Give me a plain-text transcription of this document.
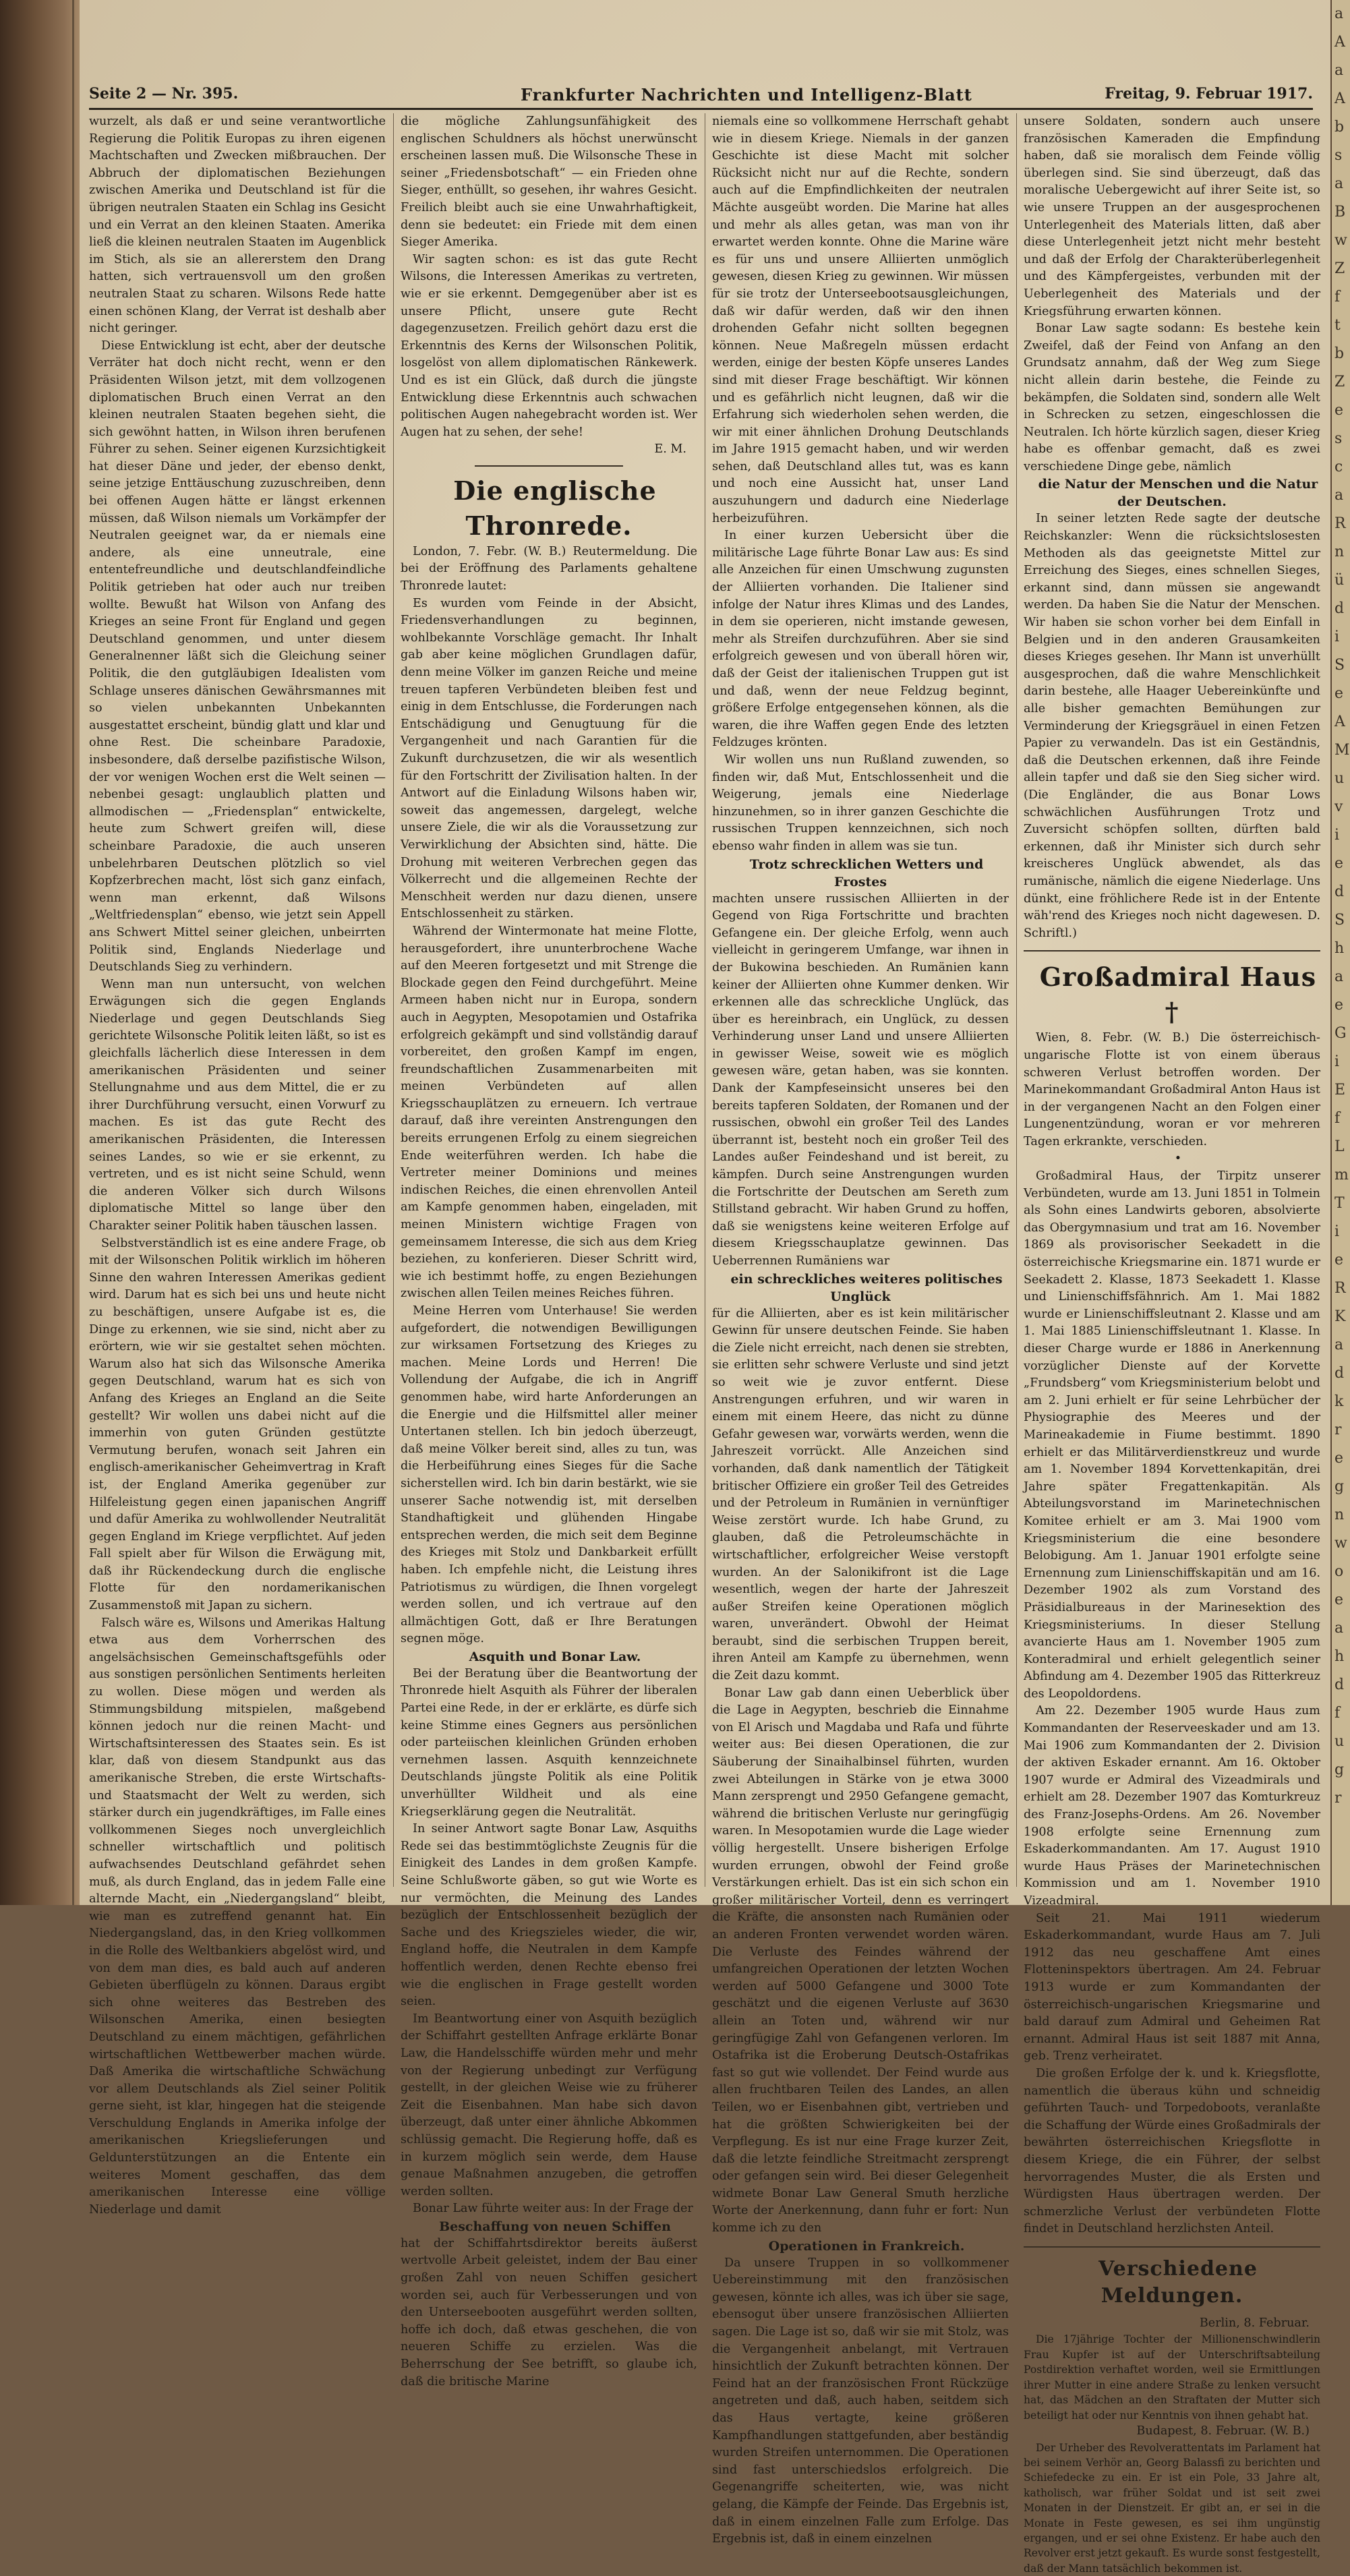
Seite 2 — Nr. 395.	Frankfurter Nachrichten und Intelligenz-Blatt	Freitag, 9. Februar 1917.

wurzelt, als daß er und seine verantwortliche Regierung die Politik Europas zu ihren eigenen Machtschaften und Zwecken mißbrauchen. Der Abbruch der diplomatischen Beziehungen zwischen Amerika und Deutschland ist für die übrigen neutralen Staaten ein Schlag ins Gesicht und ein Verrat an den kleinen Staaten. Amerika ließ die kleinen neutralen Staaten im Augenblick im Stich, als sie an allererstem den Drang hatten, sich vertrauensvoll um den großen neutralen Staat zu scharen. Wilsons Rede hatte einen schönen Klang, der Verrat ist deshalb aber nicht geringer.

Diese Entwicklung ist echt, aber der deutsche Verräter hat doch nicht recht, wenn er den Präsidenten Wilson jetzt, mit dem vollzogenen diplomatischen Bruch einen Verrat an den kleinen neutralen Staaten begehen sieht, die sich gewöhnt hatten, in Wilson ihren berufenen Führer zu sehen. Seiner eigenen Kurzsichtigkeit hat dieser Däne und jeder, der ebenso denkt, seine jetzige Enttäuschung zuzuschreiben, denn bei offenen Augen hätte er längst erkennen müssen, daß Wilson niemals um Vorkämpfer der Neutralen geeignet war, da er niemals eine andere, als eine unneutrale, eine ententefreundliche und deutschlandfeindliche Politik getrieben hat oder auch nur treiben wollte. Bewußt hat Wilson von Anfang des Krieges an seine Front für England und gegen Deutschland genommen, und unter diesem Generalnenner läßt sich die Gleichung seiner Politik, die den gutgläubigen Idealisten vom Schlage unseres dänischen Gewährsmannes mit so vielen unbekannten Unbekannten ausgestattet erscheint, bündig glatt und klar und ohne Rest. Die scheinbare Paradoxie, insbesondere, daß derselbe pazifistische Wilson, der vor wenigen Wochen erst die Welt seinen — nebenbei gesagt: unglaublich platten und allmodischen — „Friedensplan“ entwickelte, heute zum Schwert greifen will, diese scheinbare Paradoxie, die auch unseren unbelehrbaren Deutschen plötzlich so viel Kopfzerbrechen macht, löst sich ganz einfach, wenn man erkennt, daß Wilsons „Weltfriedensplan“ ebenso, wie jetzt sein Appell ans Schwert Mittel seiner gleichen, unbeirrten Politik sind, Englands Niederlage und Deutschlands Sieg zu verhindern.

Wenn man nun untersucht, von welchen Erwägungen sich die gegen Englands Niederlage und gegen Deutschlands Sieg gerichtete Wilsonsche Politik leiten läßt, so ist es gleichfalls lächerlich diese Interessen in dem amerikanischen Präsidenten und seiner Stellungnahme und aus dem Mittel, die er zu ihrer Durchführung versucht, einen Vorwurf zu machen. Es ist das gute Recht des amerikanischen Präsidenten, die Interessen seines Landes, so wie er sie erkennt, zu vertreten, und es ist nicht seine Schuld, wenn die anderen Völker sich durch Wilsons diplomatische Mittel so lange über den Charakter seiner Politik haben täuschen lassen.

Selbstverständlich ist es eine andere Frage, ob mit der Wilsonschen Politik wirklich im höheren Sinne den wahren Interessen Amerikas gedient wird. Darum hat es sich bei uns und heute nicht zu beschäftigen, unsere Aufgabe ist es, die Dinge zu erkennen, wie sie sind, nicht aber zu erörtern, wie wir sie gestaltet sehen möchten. Warum also hat sich das Wilsonsche Amerika gegen Deutschland, warum hat es sich von Anfang des Krieges an England an die Seite gestellt? Wir wollen uns dabei nicht auf die immerhin von guten Gründen gestützte Vermutung berufen, wonach seit Jahren ein englisch-amerikanischer Geheimvertrag in Kraft ist, der England Amerika gegenüber zur Hilfeleistung gegen einen japanischen Angriff und dafür Amerika zu wohlwollender Neutralität gegen England im Kriege verpflichtet. Auf jeden Fall spielt aber für Wilson die Erwägung mit, daß ihr Rückendeckung durch die englische Flotte für den nordamerikanischen Zusammenstoß mit Japan zu sichern.

Falsch wäre es, Wilsons und Amerikas Haltung etwa aus dem Vorherrschen des angelsächsischen Gemeinschaftsgefühls oder aus sonstigen persönlichen Sentiments herleiten zu wollen. Diese mögen und werden als Stimmungsbildung mitspielen, maßgebend können jedoch nur die reinen Macht- und Wirtschaftsinteressen des Staates sein. Es ist klar, daß von diesem Standpunkt aus das amerikanische Streben, die erste Wirtschafts- und Staatsmacht der Welt zu werden, sich stärker durch ein jugendkräftiges, im Falle eines vollkommenen Sieges noch unvergleichlich schneller wirtschaftlich und politisch aufwachsendes Deutschland gefährdet sehen muß, als durch England, das in jedem Falle eine alternde Macht, ein „Niedergangsland“ bleibt, wie man es zutreffend genannt hat. Ein Niedergangsland, das, in den Krieg vollkommen in die Rolle des Weltbankiers abgelöst wird, und von dem man dies, es bald auch auf anderen Gebieten überflügeln zu können. Daraus ergibt sich ohne weiteres das Bestreben des Wilsonschen Amerika, einen besiegten Deutschland zu einem mächtigen, gefährlichen wirtschaftlichen Wettbewerber machen würde. Daß Amerika die wirtschaftliche Schwächung vor allem Deutschlands als Ziel seiner Politik gerne sieht, ist klar, hingegen hat die steigende Verschuldung Englands in Amerika infolge der amerikanischen Kriegslieferungen und Geldunterstützungen an die Entente ein weiteres Moment geschaffen, das dem amerikanischen Interesse eine völlige Niederlage und damit

die mögliche Zahlungsunfähigkeit des englischen Schuldners als höchst unerwünscht erscheinen lassen muß. Die Wilsonsche These in seiner „Friedensbotschaft“ — ein Frieden ohne Sieger, enthüllt, so gesehen, ihr wahres Gesicht. Freilich bleibt auch sie eine Unwahrhaftigkeit, denn sie bedeutet: ein Friede mit dem einen Sieger Amerika.

Wir sagten schon: es ist das gute Recht Wilsons, die Interessen Amerikas zu vertreten, wie er sie erkennt. Demgegenüber aber ist es unsere Pflicht, unsere gute Recht dagegenzusetzen. Freilich gehört dazu erst die Erkenntnis des Kerns der Wilsonschen Politik, losgelöst von allem diplomatischen Ränkewerk. Und es ist ein Glück, daß durch die jüngste Entwicklung diese Erkenntnis auch schwachen politischen Augen nahegebracht worden ist. Wer Augen hat zu sehen, der sehe!

E. M.

Die englische Thronrede.

London, 7. Febr. (W. B.) Reutermeldung. Die bei der Eröffnung des Parlaments gehaltene Thronrede lautet:

Es wurden vom Feinde in der Absicht, Friedensverhandlungen zu beginnen, wohlbekannte Vorschläge gemacht. Ihr Inhalt gab aber keine möglichen Grundlagen dafür, denn meine Völker im ganzen Reiche und meine treuen tapferen Verbündeten bleiben fest und einig in dem Entschlusse, die Forderungen nach Entschädigung und Genugtuung für die Vergangenheit und nach Garantien für die Zukunft durchzusetzen, die wir als wesentlich für den Fortschritt der Zivilisation halten. In der Antwort auf die Einladung Wilsons haben wir, soweit das angemessen, dargelegt, welche unsere Ziele, die wir als die Voraussetzung zur Verwirklichung der Absichten sind, hätte. Die Drohung mit weiteren Verbrechen gegen das Völkerrecht und die allgemeinen Rechte der Menschheit werden nur dazu dienen, unsere Entschlossenheit zu stärken.

Während der Wintermonate hat meine Flotte, herausgefordert, ihre ununterbrochene Wache auf den Meeren fortgesetzt und mit Strenge die Blockade gegen den Feind durchgeführt. Meine Armeen haben nicht nur in Europa, sondern auch in Aegypten, Mesopotamien und Ostafrika erfolgreich gekämpft und sind vollständig darauf vorbereitet, den großen Kampf im engen, freundschaftlichen Zusammenarbeiten mit meinen Verbündeten auf allen Kriegsschauplätzen zu erneuern. Ich vertraue darauf, daß ihre vereinten Anstrengungen den bereits errungenen Erfolg zu einem siegreichen Ende weiterführen werden. Ich habe die Vertreter meiner Dominions und meines indischen Reiches, die einen ehrenvollen Anteil am Kampfe genommen haben, eingeladen, mit meinen Ministern wichtige Fragen von gemeinsamem Interesse, die sich aus dem Krieg beziehen, zu konferieren. Dieser Schritt wird, wie ich bestimmt hoffe, zu engen Beziehungen zwischen allen Teilen meines Reiches führen.

Meine Herren vom Unterhause! Sie werden aufgefordert, die notwendigen Bewilligungen zur wirksamen Fortsetzung des Krieges zu machen. Meine Lords und Herren! Die Vollendung der Aufgabe, die ich in Angriff genommen habe, wird harte Anforderungen an die Energie und die Hilfsmittel aller meiner Untertanen stellen. Ich bin jedoch überzeugt, daß meine Völker bereit sind, alles zu tun, was die Herbeiführung eines Sieges für die Sache sicherstellen wird. Ich bin darin bestärkt, wie sie unserer Sache notwendig ist, mit derselben Standhaftigkeit und glühenden Hingabe entsprechen werden, die mich seit dem Beginne des Krieges mit Stolz und Dankbarkeit erfüllt haben. Ich empfehle nicht, die Leistung ihres Patriotismus zu würdigen, die Ihnen vorgelegt werden sollen, und ich vertraue auf den allmächtigen Gott, daß er Ihre Beratungen segnen möge.

Asquith und Bonar Law.

Bei der Beratung über die Beantwortung der Thronrede hielt Asquith als Führer der liberalen Partei eine Rede, in der er erklärte, es dürfe sich keine Stimme eines Gegners aus persönlichen oder parteiischen kleinlichen Gründen erhoben vernehmen lassen. Asquith kennzeichnete Deutschlands jüngste Politik als eine Politik unverhüllter Wildheit und als eine Kriegserklärung gegen die Neutralität.

In seiner Antwort sagte Bonar Law, Asquiths Rede sei das bestimmtöglichste Zeugnis für die Einigkeit des Landes in dem großen Kampfe. Seine Schlußworte gäben, so gut wie Worte es nur vermöchten, die Meinung des Landes bezüglich der Entschlossenheit bezüglich der Sache und des Kriegszieles wieder, die wir, England hoffe, die Neutralen in dem Kampfe hoffentlich werden, denen Rechte ebenso frei wie die englischen in Frage gestellt worden seien.

Im Beantwortung einer von Asquith bezüglich der Schiffahrt gestellten Anfrage erklärte Bonar Law, die Handelsschiffe würden mehr und mehr von der Regierung unbedingt zur Verfügung gestellt, in der gleichen Weise wie zu früherer Zeit die Eisenbahnen. Man habe sich davon überzeugt, daß unter einer ähnliche Abkommen schlüssig gemacht. Die Regierung hoffe, daß es in kurzem möglich sein werde, dem Hause genaue Maßnahmen anzugeben, die getroffen werden sollten.

Bonar Law führte weiter aus: In der Frage der

Beschaffung von neuen Schiffen

hat der Schiffahrtsdirektor bereits äußerst wertvolle Arbeit geleistet, indem der Bau einer großen Zahl von neuen Schiffen gesichert worden sei, auch für Verbesserungen und von den Unterseebooten ausgeführt werden sollten, hoffe ich doch, daß etwas geschehen, die von neueren Schiffe zu erzielen. Was die Beherrschung der See betrifft, so glaube ich, daß die britische Marine

niemals eine so vollkommene Herrschaft gehabt wie in diesem Kriege. Niemals in der ganzen Geschichte ist diese Macht mit solcher Rücksicht nicht nur auf die Rechte, sondern auch auf die Empfindlichkeiten der neutralen Mächte ausgeübt worden. Die Marine hat alles und mehr als alles getan, was man von ihr erwartet werden konnte. Ohne die Marine wäre es für uns und unsere Alliierten unmöglich gewesen, diesen Krieg zu gewinnen. Wir müssen für sie trotz der Unterseebootsausgleichungen, daß wir dafür werden, daß wir den ihnen drohenden Gefahr nicht sollten begegnen können. Neue Maßregeln müssen erdacht werden, einige der besten Köpfe unseres Landes sind mit dieser Frage beschäftigt. Wir können und es gefährlich nicht leugnen, daß wir die Erfahrung sich wiederholen sehen werden, die wir mit einer ähnlichen Drohung Deutschlands im Jahre 1915 gemacht haben, und wir werden sehen, daß Deutschland alles tut, was es kann und noch eine Aussicht hat, unser Land auszuhungern und dadurch eine Niederlage herbeizuführen.

In einer kurzen Uebersicht über die militärische Lage führte Bonar Law aus: Es sind alle Anzeichen für einen Umschwung zugunsten der Alliierten vorhanden. Die Italiener sind infolge der Natur ihres Klimas und des Landes, in dem sie operieren, nicht imstande gewesen, mehr als Streifen durchzuführen. Aber sie sind erfolgreich gewesen und von überall hören wir, daß der Geist der italienischen Truppen gut ist und daß, wenn der neue Feldzug beginnt, größere Erfolge entgegensehen können, als die waren, die ihre Waffen gegen Ende des letzten Feldzuges krönten.

Wir wollen uns nun Rußland zuwenden, so finden wir, daß Mut, Entschlossenheit und die Weigerung, jemals eine Niederlage hinzunehmen, so in ihrer ganzen Geschichte die russischen Truppen kennzeichnen, sich noch ebenso wahr finden in allem was sie tun.

Trotz schrecklichen Wetters und Frostes

machten unsere russischen Alliierten in der Gegend von Riga Fortschritte und brachten Gefangene ein. Der gleiche Erfolg, wenn auch vielleicht in geringerem Umfange, war ihnen in der Bukowina beschieden. An Rumänien kann keiner der Alliierten ohne Kummer denken. Wir erkennen alle das schreckliche Unglück, das über es hereinbrach, ein Unglück, zu dessen Verhinderung unser Land und unsere Alliierten in gewisser Weise, soweit wie es möglich gewesen wäre, getan haben, was sie konnten. Dank der Kampfeseinsicht unseres bei den bereits tapferen Soldaten, der Romanen und der russischen, obwohl ein großer Teil des Landes überrannt ist, besteht noch ein großer Teil des Landes außer Feindeshand und ist bereit, zu kämpfen. Durch seine Anstrengungen wurden die Fortschritte der Deutschen am Sereth zum Stillstand gebracht. Wir haben Grund zu hoffen, daß sie wenigstens keine weiteren Erfolge auf diesem Kriegsschauplatze gewinnen. Das Ueberrennen Rumäniens war

ein schreckliches weiteres politisches Unglück

für die Alliierten, aber es ist kein militärischer Gewinn für unsere deutschen Feinde. Sie haben die Ziele nicht erreicht, nach denen sie strebten, sie erlitten sehr schwere Verluste und sind jetzt so weit wie je zuvor entfernt. Diese Anstrengungen erfuhren, und wir waren in einem mit einem Heere, das nicht zu dünne Gefahr gewesen war, vorwärts werden, wenn die Jahreszeit vorrückt. Alle Anzeichen sind vorhanden, daß dank namentlich der Tätigkeit britischer Offiziere ein großer Teil des Getreides und der Petroleum in Rumänien in vernünftiger Weise zerstört wurde. Ich habe Grund, zu glauben, daß die Petroleumschächte in wirtschaftlicher, erfolgreicher Weise verstopft wurden. An der Salonikifront ist die Lage wesentlich, wegen der harte der Jahreszeit außer Streifen keine Operationen möglich waren, unverändert. Obwohl der Heimat beraubt, sind die serbischen Truppen bereit, ihren Anteil am Kampfe zu übernehmen, wenn die Zeit dazu kommt.

Bonar Law gab dann einen Ueberblick über die Lage in Aegypten, beschrieb die Einnahme von El Arisch und Magdaba und Rafa und führte weiter aus: Bei diesen Operationen, die zur Säuberung der Sinaihalbinsel führten, wurden zwei Abteilungen in Stärke von je etwa 3000 Mann zersprengt und 2950 Gefangene gemacht, während die britischen Verluste nur geringfügig waren. In Mesopotamien wurde die Lage wieder völlig hergestellt. Unsere bisherigen Erfolge wurden errungen, obwohl der Feind große Verstärkungen erhielt. Das ist ein sich schon ein großer militärischer Vorteil, denn es verringert die Kräfte, die ansonsten nach Rumänien oder an anderen Fronten verwendet worden wären. Die Verluste des Feindes während der umfangreichen Operationen der letzten Wochen werden auf 5000 Gefangene und 3000 Tote geschätzt und die eigenen Verluste auf 3630 allein an Toten und, während wir nur geringfügige Zahl von Gefangenen verloren. Im Ostafrika ist die Eroberung Deutsch-Ostafrikas fast so gut wie vollendet. Der Feind wurde aus allen fruchtbaren Teilen des Landes, an allen Teilen, wo er Eisenbahnen gibt, vertrieben und hat die größten Schwierigkeiten bei der Verpflegung. Es ist nur eine Frage kurzer Zeit, daß die letzte feindliche Streitmacht zersprengt oder gefangen sein wird. Bei dieser Gelegenheit widmete Bonar Law General Smuth herzliche Worte der Anerkennung, dann fuhr er fort: Nun komme ich zu den

Operationen in Frankreich.

Da unsere Truppen in so vollkommener Uebereinstimmung mit den französischen gewesen, könnte ich alles, was ich über sie sage, ebensogut über unsere französischen Alliierten sagen. Die Lage ist so, daß wir sie mit Stolz, was die Vergangenheit anbelangt, mit Vertrauen hinsichtlich der Zukunft betrachten können. Der Feind hat an der französischen Front Rückzüge angetreten und daß, auch haben, seitdem sich das Haus vertagte, keine größeren Kampfhandlungen stattgefunden, aber beständig wurden Streifen unternommen. Die Operationen sind fast unterschiedslos erfolgreich. Die Gegenangriffe scheiterten, wie, was nicht gelang, die Kämpfe der Feinde. Das Ergebnis ist, daß in einem einzelnen Falle zum Erfolge. Das Ergebnis ist, daß in einem einzelnen

unsere Soldaten, sondern auch unsere französischen Kameraden die Empfindung haben, daß sie moralisch dem Feinde völlig überlegen sind. Sie sind überzeugt, daß das moralische Uebergewicht auf ihrer Seite ist, so wie unsere Truppen an der ausgesprochenen Unterlegenheit des Materials litten, daß aber diese Unterlegenheit jetzt nicht mehr besteht und daß der Erfolg der Charakterüberlegenheit und des Kämpfergeistes, verbunden mit der Ueberlegenheit des Materials und der Kriegsführung erwarten können.

Bonar Law sagte sodann: Es bestehe kein Zweifel, daß der Feind von Anfang an den Grundsatz annahm, daß der Weg zum Siege nicht allein darin bestehe, die Feinde zu bekämpfen, die Soldaten sind, sondern alle Welt in Schrecken zu setzen, eingeschlossen die Neutralen. Ich hörte kürzlich sagen, dieser Krieg habe es offenbar gemacht, daß es zwei verschiedene Dinge gebe, nämlich

die Natur der Menschen und die Natur der Deutschen.

In seiner letzten Rede sagte der deutsche Reichskanzler: Wenn die rücksichtslosesten Methoden als das geeignetste Mittel zur Erreichung des Sieges, eines schnellen Sieges, erkannt sind, dann müssen sie angewandt werden. Da haben Sie die Natur der Menschen. Wir haben sie schon vorher bei dem Einfall in Belgien und in den anderen Grausamkeiten dieses Krieges gesehen. Ihr Mann ist unverhüllt ausgesprochen, daß die wahre Menschlichkeit darin bestehe, alle Haager Uebereinkünfte und alle bisher gemachten Bemühungen zur Verminderung der Kriegsgräuel in einen Fetzen Papier zu verwandeln. Das ist ein Geständnis, daß die Deutschen erkennen, daß ihre Feinde allein tapfer und daß sie den Sieg sicher wird. (Die Engländer, die aus Bonar Lows schwächlichen Ausführungen Trotz und Zuversicht schöpfen sollten, dürften bald erkennen, daß ihr Minister sich durch sehr kreischeres Unglück abwendet, als das rumänische, nämlich die eigene Niederlage. Uns dünkt, eine fröhlichere Rede ist in der Entente wäh'rend des Krieges noch nicht dagewesen. D. Schriftl.)

Großadmiral Haus †

Wien, 8. Febr. (W. B.) Die österreichisch-ungarische Flotte ist von einem überaus schweren Verlust betroffen worden. Der Marinekommandant Großadmiral Anton Haus ist in der vergangenen Nacht an den Folgen einer Lungenentzündung, woran er vor mehreren Tagen erkrankte, verschieden.

•

Großadmiral Haus, der Tirpitz unserer Verbündeten, wurde am 13. Juni 1851 in Tolmein als Sohn eines Landwirts geboren, absolvierte das Obergymnasium und trat am 16. November 1869 als provisorischer Seekadett in die österreichische Kriegsmarine ein. 1871 wurde er Seekadett 2. Klasse, 1873 Seekadett 1. Klasse und Linienschiffsfähnrich. Am 1. Mai 1882 wurde er Linienschiffsleutnant 2. Klasse und am 1. Mai 1885 Linienschiffsleutnant 1. Klasse. In dieser Charge wurde er 1886 in Anerkennung vorzüglicher Dienste auf der Korvette „Frundsberg“ vom Kriegsministerium belobt und am 2. Juni erhielt er für seine Lehrbücher der Physiographie des Meeres und der Marineakademie in Fiume bestimmt. 1890 erhielt er das Militärverdienstkreuz und wurde am 1. November 1894 Korvettenkapitän, drei Jahre später Fregattenkapitän. Als Abteilungsvorstand im Marinetechnischen Komitee erhielt er am 3. Mai 1900 vom Kriegsministerium die eine besondere Belobigung. Am 1. Januar 1901 erfolgte seine Ernennung zum Linienschiffskapitän und am 16. Dezember 1902 als zum Vorstand des Präsidialbureaus in der Marinesektion des Kriegsministeriums. In dieser Stellung avancierte Haus am 1. November 1905 zum Konteradmiral und erhielt gelegentlich seiner Abfindung am 4. Dezember 1905 das Ritterkreuz des Leopoldordens.

Am 22. Dezember 1905 wurde Haus zum Kommandanten der Reserveeskader und am 13. Mai 1906 zum Kommandanten der 2. Division der aktiven Eskader ernannt. Am 16. Oktober 1907 wurde er Admiral des Vizeadmirals und erhielt am 28. Dezember 1907 das Komturkreuz des Franz-Josephs-Ordens. Am 26. November 1908 erfolgte seine Ernennung zum Eskaderkommandanten. Am 17. August 1910 wurde Haus Präses der Marinetechnischen Kommission und am 1. November 1910 Vizeadmiral.

Seit 21. Mai 1911 wiederum Eskaderkommandant, wurde Haus am 7. Juli 1912 das neu geschaffene Amt eines Flotteninspektors übertragen. Am 24. Februar 1913 wurde er zum Kommandanten der österreichisch-ungarischen Kriegsmarine und bald darauf zum Admiral und Geheimen Rat ernannt. Admiral Haus ist seit 1887 mit Anna, geb. Trenz verheiratet.

Die großen Erfolge der k. und k. Kriegsflotte, namentlich die überaus kühn und schneidig geführten Tauch- und Torpedoboots, veranlaßte die Schaffung der Würde eines Großadmirals der bewährten österreichischen Kriegsflotte in diesem Kriege, die ein Führer, der selbst hervorragendes Muster, die als Ersten und Würdigsten Haus übertragen werden. Der schmerzliche Verlust der verbündeten Flotte findet in Deutschland herzlichsten Anteil.

Verschiedene Meldungen.

Berlin, 8. Februar.

Die 17jährige Tochter der Millionenschwindlerin Frau Kupfer ist auf der Unterschriftsabteilung Postdirektion verhaftet worden, weil sie Ermittlungen ihrer Mutter in eine andere Straße zu lenken versucht hat, das Mädchen an den Straftaten der Mutter sich beteiligt hat oder nur Kenntnis von ihnen gehabt hat.

Budapest, 8. Februar. (W. B.)

Der Urheber des Revolverattentats im Parlament hat bei seinem Verhör an, Georg Balassfi zu berichten und Schiefedecke zu ein. Er ist ein Pole, 33 Jahre alt, katholisch, war früher Soldat und ist seit zwei Monaten in der Dienstzeit. Er gibt an, er sei in die Monate in Feste gewesen, es sei ihm ungünstig ergangen, und er sei ohne Existenz. Er habe auch den Revolver erst jetzt gekauft. Es wurde sonst festgestellt, daß der Mann tatsächlich bekommen ist.

a
A
a
A
b
s
a
B
w
Z
f
t
b
Z
e
s
c
a
R
n
ü
d
i
S
e
A
M
u
v
i
e
d
S
h
a
e
G
i
E
f
L
m
T
i
e
R
K
a
d
k
r
e
g
n
w
o
e
a
h
d
f
u
g
r
